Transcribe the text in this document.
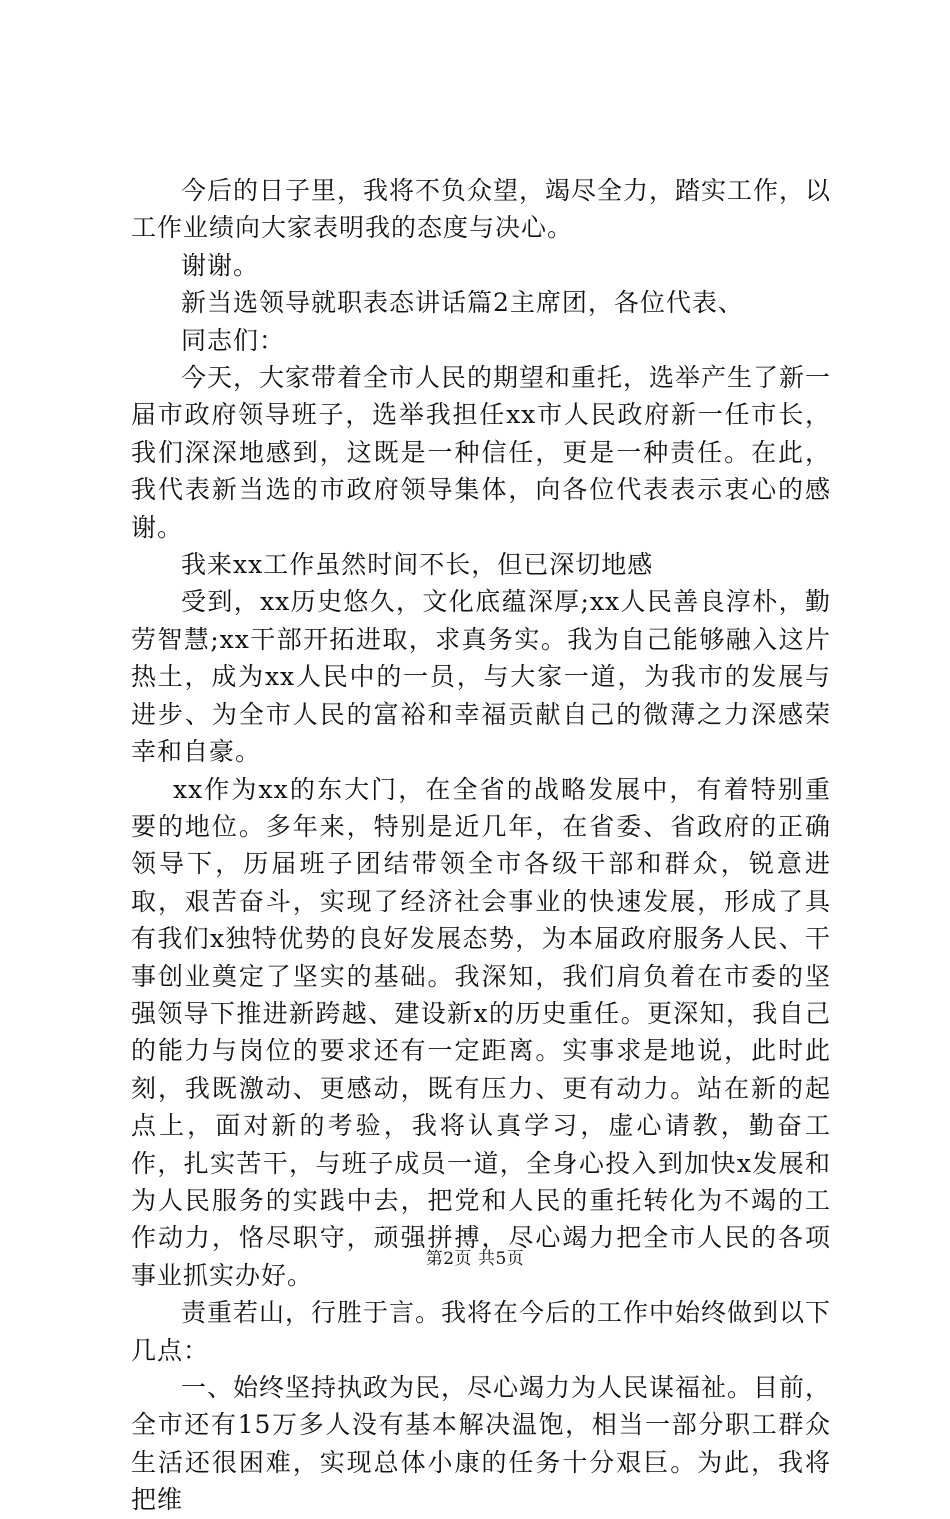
今后的日子里，我将不负众望，竭尽全力，踏实工作，以工作业绩向大家表明我的态度与决心。

谢谢。

新当选领导就职表态讲话篇2主席团，各位代表、

同志们：

今天，大家带着全市人民的期望和重托，选举产生了新一届市政府领导班子，选举我担任xx市人民政府新一任市长，我们深深地感到，这既是一种信任，更是一种责任。在此，我代表新当选的市政府领导集体，向各位代表表示衷心的感谢。

我来xx工作虽然时间不长，但已深切地感

受到，xx历史悠久，文化底蕴深厚;xx人民善良淳朴，勤劳智慧;xx干部开拓进取，求真务实。我为自己能够融入这片热土，成为xx人民中的一员，与大家一道，为我市的发展与进步、为全市人民的富裕和幸福贡献自己的微薄之力深感荣幸和自豪。

xx作为xx的东大门，在全省的战略发展中，有着特别重要的地位。多年来，特别是近几年，在省委、省政府的正确领导下，历届班子团结带领全市各级干部和群众，锐意进取，艰苦奋斗，实现了经济社会事业的快速发展，形成了具有我们x独特优势的良好发展态势，为本届政府服务人民、干事创业奠定了坚实的基础。我深知，我们肩负着在市委的坚强领导下推进新跨越、建设新x的历史重任。更深知，我自己的能力与岗位的要求还有一定距离。实事求是地说，此时此刻，我既激动、更感动，既有压力、更有动力。站在新的起点上，面对新的考验，我将认真学习，虚心请教，勤奋工作，扎实苦干，与班子成员一道，全身心投入到加快x发展和为人民服务的实践中去，把党和人民的重托转化为不竭的工作动力，恪尽职守，顽强拼搏，尽心竭力把全市人民的各项事业抓实办好。

责重若山，行胜于言。我将在今后的工作中始终做到以下几点：

一、始终坚持执政为民，尽心竭力为人民谋福祉。目前，全市还有15万多人没有基本解决温饱，相当一部分职工群众生活还很困难，实现总体小康的任务十分艰巨。为此，我将把维

第2页 共5页
